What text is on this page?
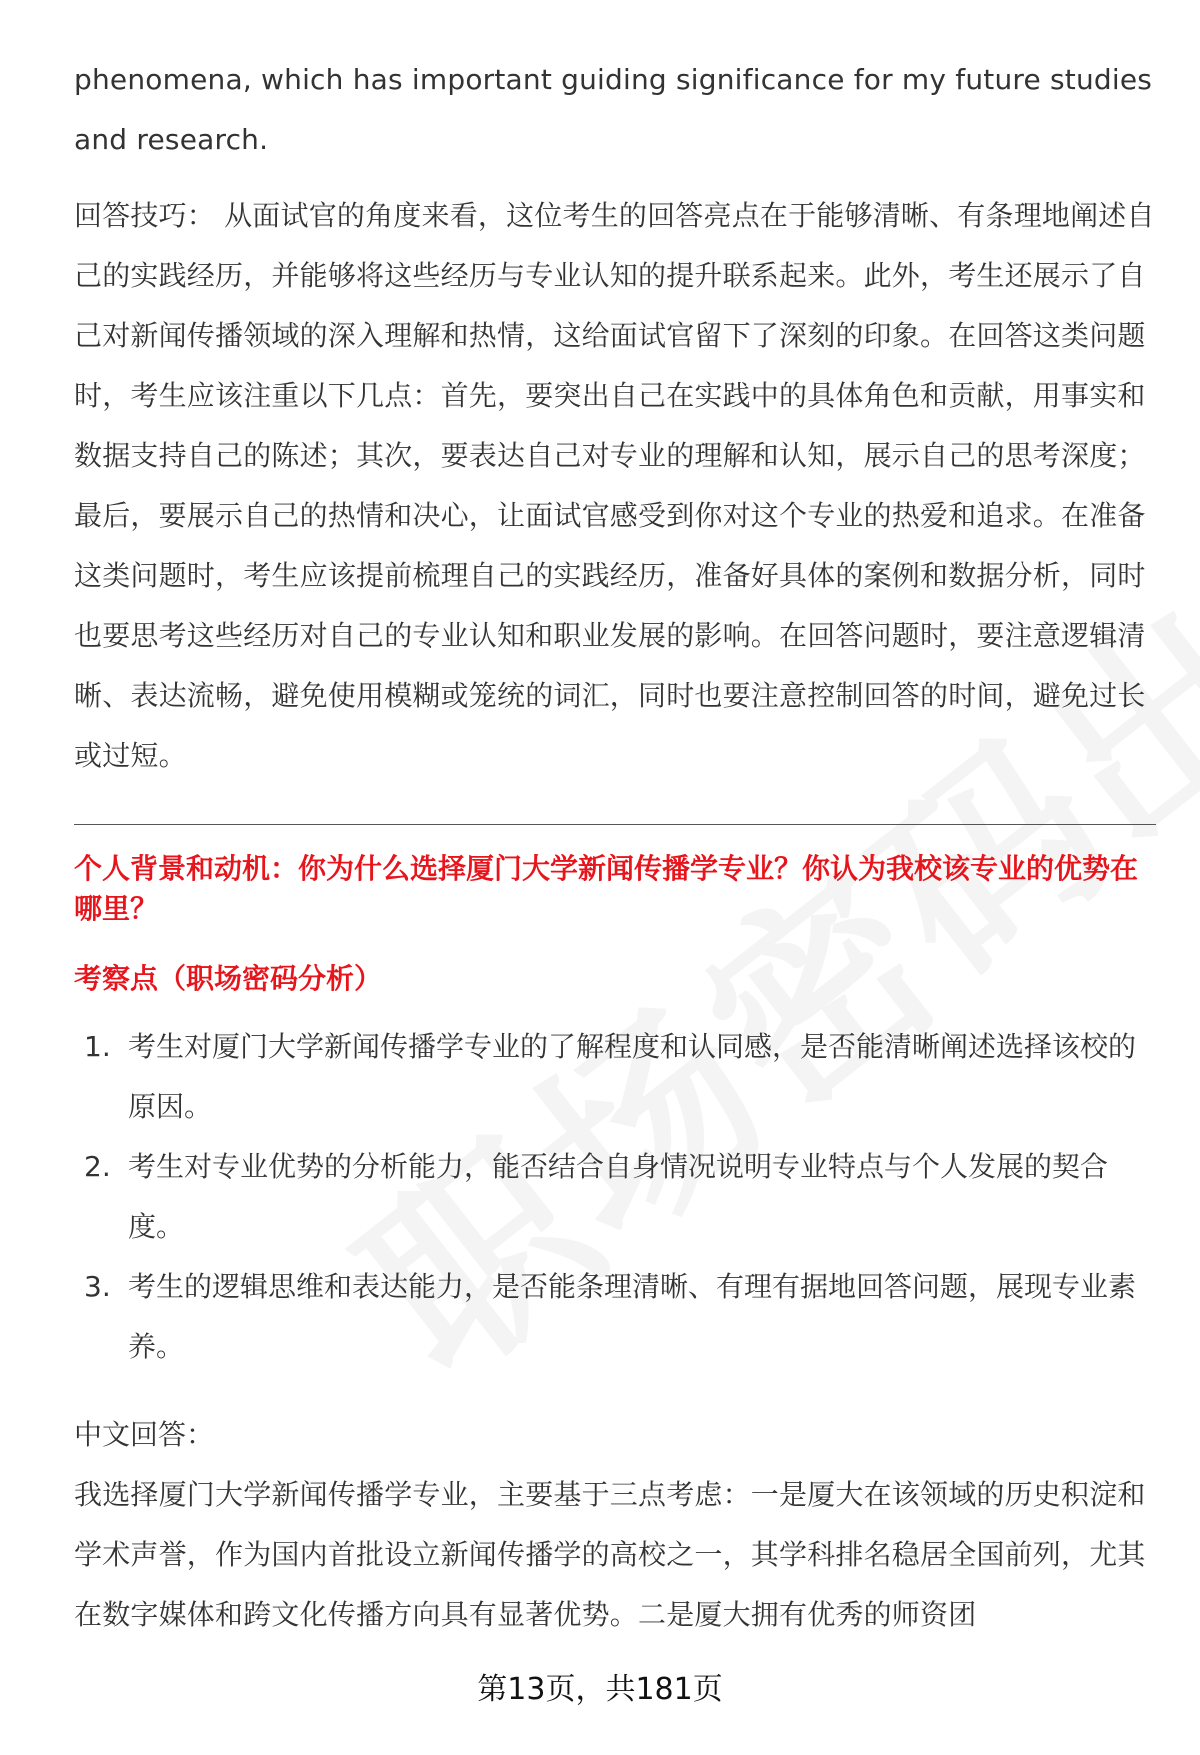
phenomena, which has important guiding significance for my future studies and research.

回答技巧： 从面试官的角度来看，这位考生的回答亮点在于能够清晰、有条理地阐述自己的实践经历，并能够将这些经历与专业认知的提升联系起来。此外，考生还展示了自己对新闻传播领域的深入理解和热情，这给面试官留下了深刻的印象。在回答这类问题时，考生应该注重以下几点：首先，要突出自己在实践中的具体角色和贡献，用事实和数据支持自己的陈述；其次，要表达自己对专业的理解和认知，展示自己的思考深度；最后，要展示自己的热情和决心，让面试官感受到你对这个专业的热爱和追求。在准备这类问题时，考生应该提前梳理自己的实践经历，准备好具体的案例和数据分析，同时也要思考这些经历对自己的专业认知和职业发展的影响。在回答问题时，要注意逻辑清晰、表达流畅，避免使用模糊或笼统的词汇，同时也要注意控制回答的时间，避免过长或过短。

个人背景和动机：你为什么选择厦门大学新闻传播学专业？你认为我校该专业的优势在哪里？

考察点（职场密码分析）

1. 考生对厦门大学新闻传播学专业的了解程度和认同感，是否能清晰阐述选择该校的原因。
2. 考生对专业优势的分析能力，能否结合自身情况说明专业特点与个人发展的契合度。
3. 考生的逻辑思维和表达能力，是否能条理清晰、有理有据地回答问题，展现专业素养。

中文回答：

我选择厦门大学新闻传播学专业，主要基于三点考虑：一是厦大在该领域的历史积淀和学术声誉，作为国内首批设立新闻传播学的高校之一，其学科排名稳居全国前列，尤其在数字媒体和跨文化传播方向具有显著优势。二是厦大拥有优秀的师资团

第13页，共181页
